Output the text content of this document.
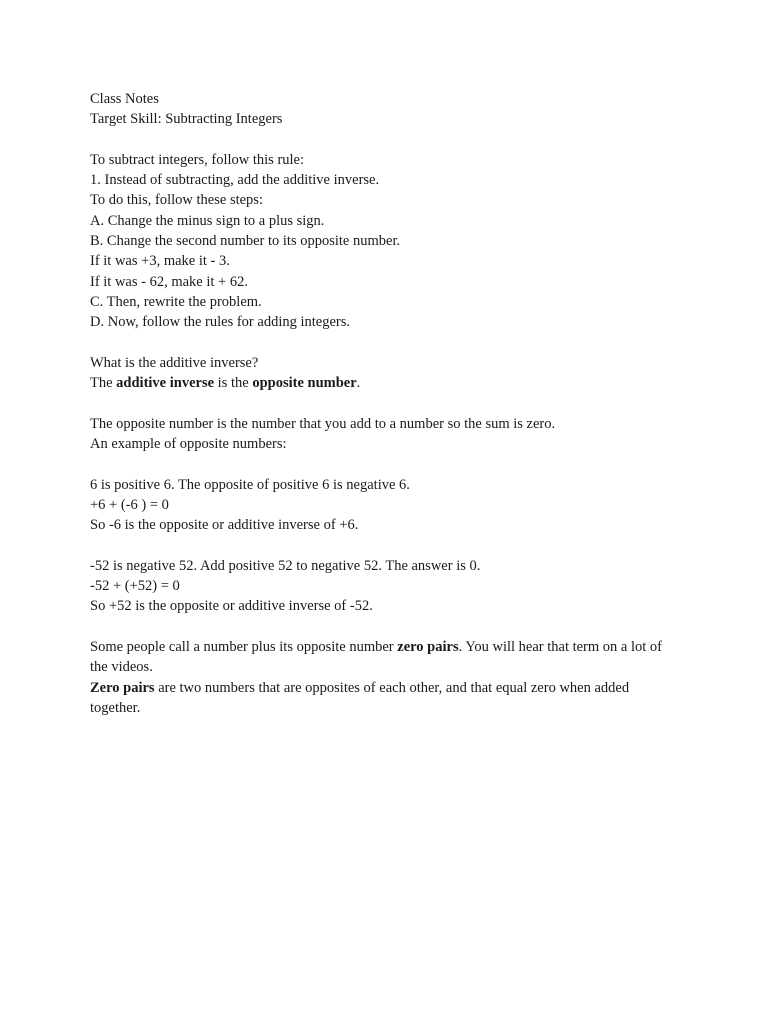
Class Notes
Target Skill: Subtracting Integers
To subtract integers, follow this rule:
1. Instead of subtracting, add the additive inverse.
To do this, follow these steps:
A. Change the minus sign to a plus sign.
B. Change the second number to its opposite number.
If it was +3, make it - 3.
If it was - 62, make it + 62.
C. Then, rewrite the problem.
D. Now, follow the rules for adding integers.
What is the additive inverse?
The additive inverse is the opposite number.
The opposite number is the number that you add to a number so the sum is zero.
An example of opposite numbers:
6 is positive 6. The opposite of positive 6 is negative 6.
+6 + (-6 ) = 0
So -6 is the opposite or additive inverse of +6.
-52 is negative 52. Add positive 52 to negative 52. The answer is 0.
-52 + (+52) = 0
So +52 is the opposite or additive inverse of -52.
Some people call a number plus its opposite number zero pairs. You will hear that term on a lot of the videos.
Zero pairs are two numbers that are opposites of each other, and that equal zero when added together.
